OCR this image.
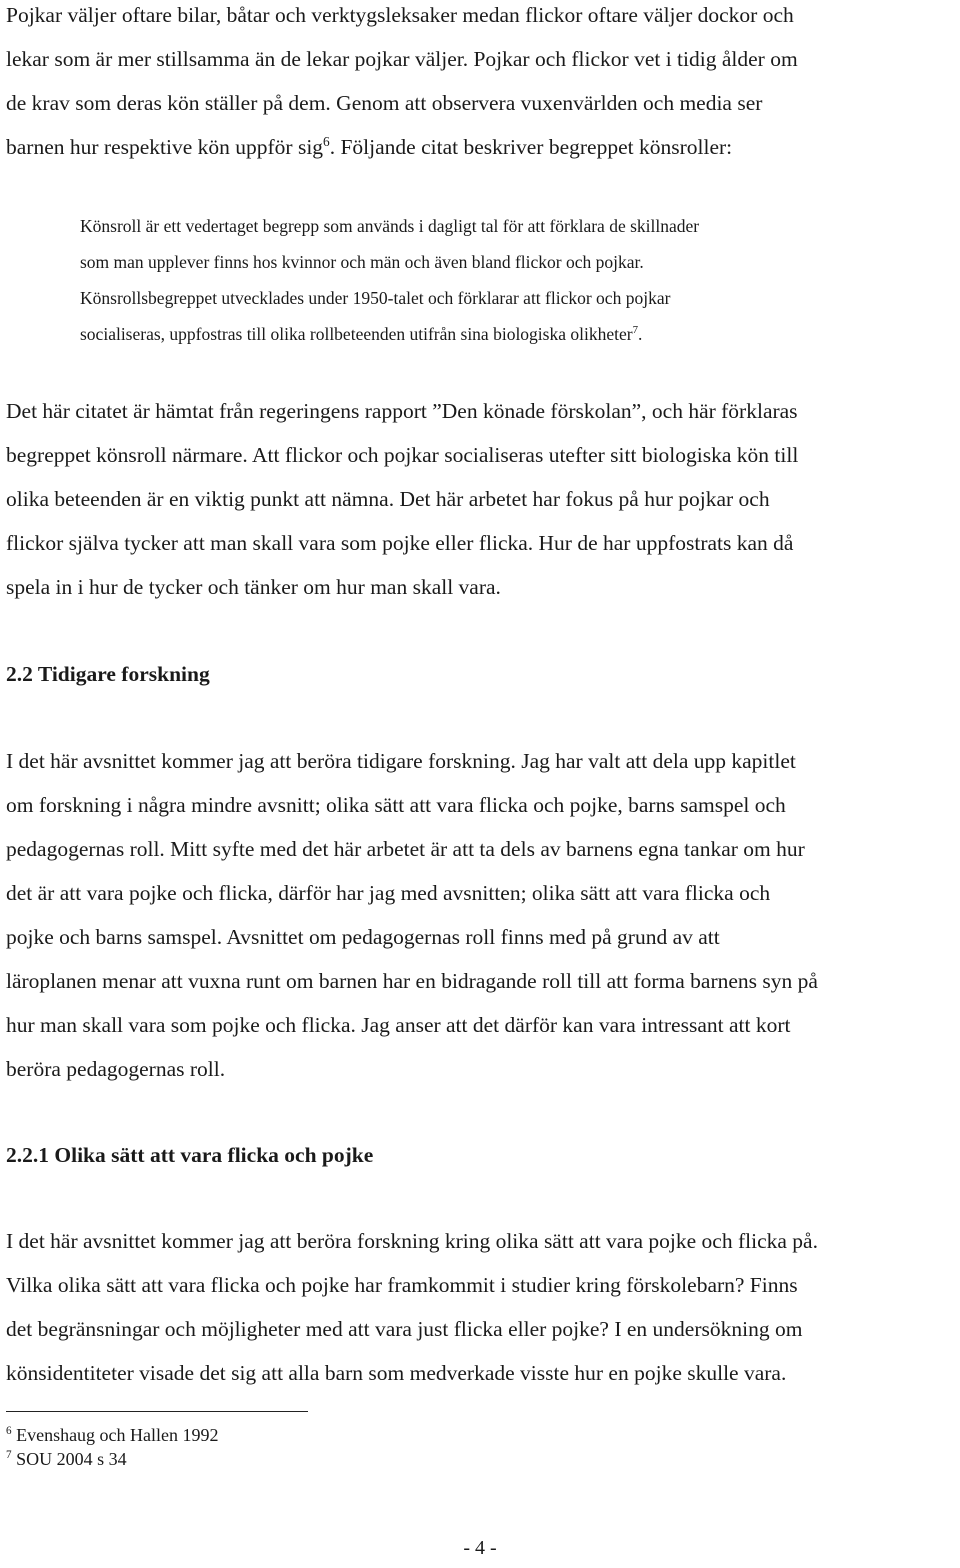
Pojkar väljer oftare bilar, båtar och verktygsleksaker medan flickor oftare väljer dockor och
lekar som är mer stillsamma än de lekar pojkar väljer. Pojkar och flickor vet i tidig ålder om
de krav som deras kön ställer på dem. Genom att observera vuxenvärlden och media ser
barnen hur respektive kön uppför sig$^6$. Följande citat beskriver begreppet könsroller:
Könsroll är ett vedertaget begrepp som används i dagligt tal för att förklara de skillnader
som man upplever finns hos kvinnor och män och även bland flickor och pojkar.
Könsrollsbegreppet utvecklades under 1950-talet och förklarar att flickor och pojkar
socialiseras, uppfostras till olika rollbeteenden utifrån sina biologiska olikheter$^7$.
Det här citatet är hämtat från regeringens rapport ”Den könade förskolan”, och här förklaras
begreppet könsroll närmare. Att flickor och pojkar socialiseras utefter sitt biologiska kön till
olika beteenden är en viktig punkt att nämna. Det här arbetet har fokus på hur pojkar och
flickor själva tycker att man skall vara som pojke eller flicka. Hur de har uppfostrats kan då
spela in i hur de tycker och tänker om hur man skall vara.
2.2 Tidigare forskning
I det här avsnittet kommer jag att beröra tidigare forskning. Jag har valt att dela upp kapitlet
om forskning i några mindre avsnitt; olika sätt att vara flicka och pojke, barns samspel och
pedagogernas roll. Mitt syfte med det här arbetet är att ta dels av barnens egna tankar om hur
det är att vara pojke och flicka, därför har jag med avsnitten; olika sätt att vara flicka och
pojke och barns samspel. Avsnittet om pedagogernas roll finns med på grund av att
läroplanen menar att vuxna runt om barnen har en bidragande roll till att forma barnens syn på
hur man skall vara som pojke och flicka. Jag anser att det därför kan vara intressant att kort
beröra pedagogernas roll.
2.2.1 Olika sätt att vara flicka och pojke
I det här avsnittet kommer jag att beröra forskning kring olika sätt att vara pojke och flicka på.
Vilka olika sätt att vara flicka och pojke har framkommit i studier kring förskolebarn? Finns
det begränsningar och möjligheter med att vara just flicka eller pojke? I en undersökning om
könsidentiteter visade det sig att alla barn som medverkade visste hur en pojke skulle vara.
$^6$ Evenshaug och Hallen 1992
$^7$ SOU 2004 s 34
- 4 -
